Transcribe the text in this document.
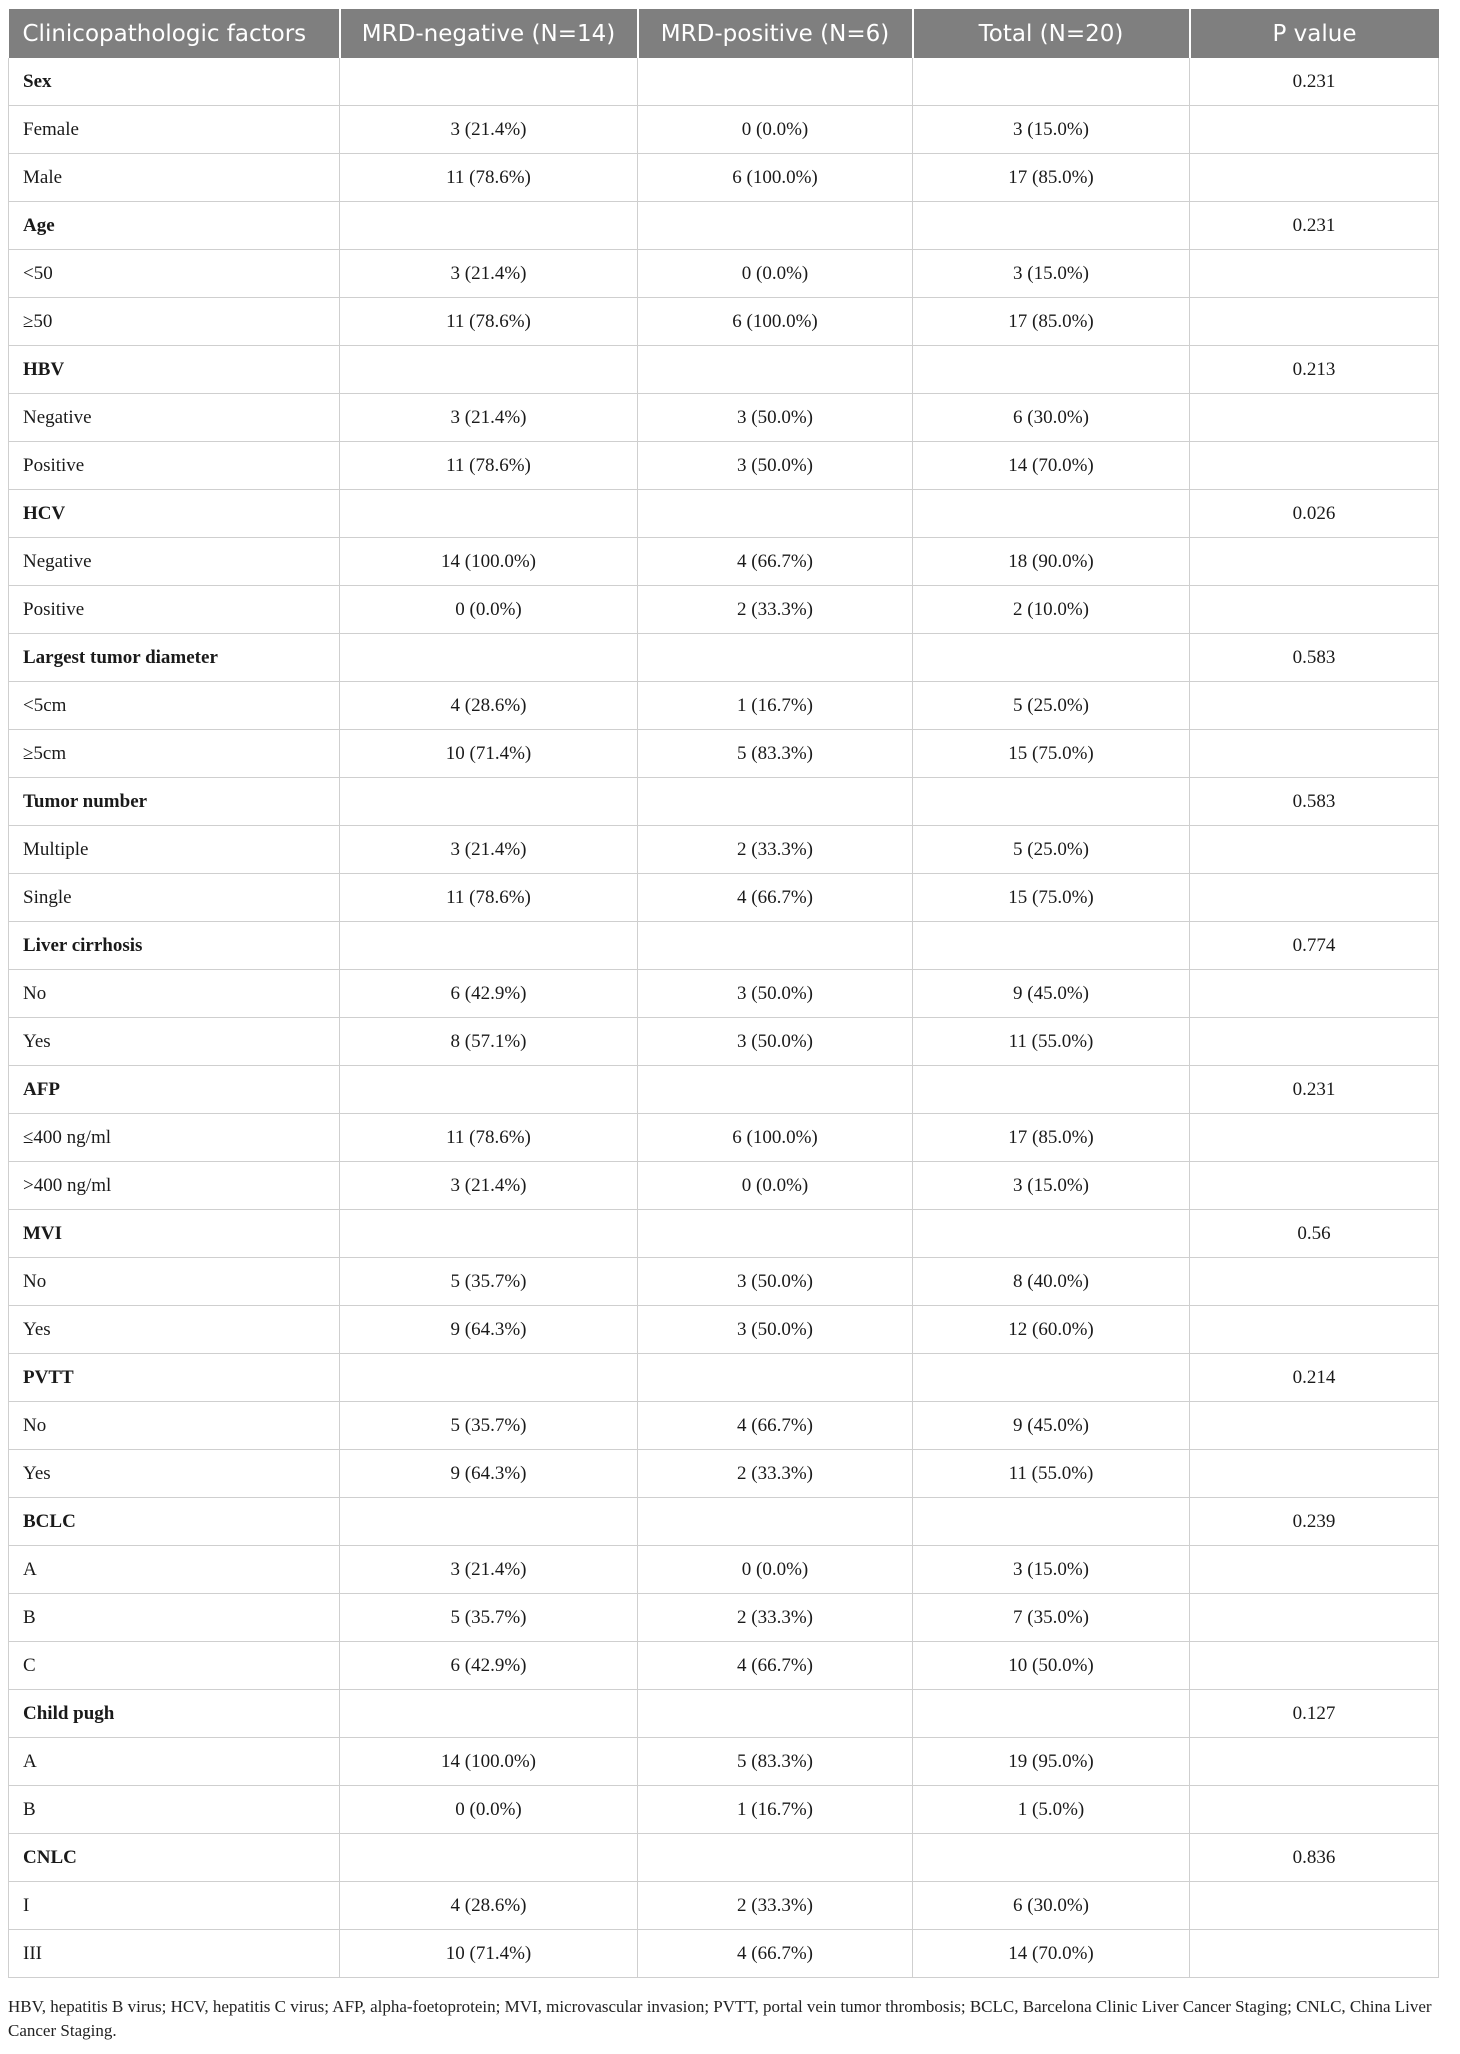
Clinicopathologic factors	MRD-negative (N=14)	MRD-positive (N=6)	Total (N=20)	P value
Sex				0.231
Female	3 (21.4%)	0 (0.0%)	3 (15.0%)	
Male	11 (78.6%)	6 (100.0%)	17 (85.0%)	
Age				0.231
<50	3 (21.4%)	0 (0.0%)	3 (15.0%)	
≥50	11 (78.6%)	6 (100.0%)	17 (85.0%)	
HBV				0.213
Negative	3 (21.4%)	3 (50.0%)	6 (30.0%)	
Positive	11 (78.6%)	3 (50.0%)	14 (70.0%)	
HCV				0.026
Negative	14 (100.0%)	4 (66.7%)	18 (90.0%)	
Positive	0 (0.0%)	2 (33.3%)	2 (10.0%)	
Largest tumor diameter				0.583
<5cm	4 (28.6%)	1 (16.7%)	5 (25.0%)	
≥5cm	10 (71.4%)	5 (83.3%)	15 (75.0%)	
Tumor number				0.583
Multiple	3 (21.4%)	2 (33.3%)	5 (25.0%)	
Single	11 (78.6%)	4 (66.7%)	15 (75.0%)	
Liver cirrhosis				0.774
No	6 (42.9%)	3 (50.0%)	9 (45.0%)	
Yes	8 (57.1%)	3 (50.0%)	11 (55.0%)	
AFP				0.231
≤400 ng/ml	11 (78.6%)	6 (100.0%)	17 (85.0%)	
>400 ng/ml	3 (21.4%)	0 (0.0%)	3 (15.0%)	
MVI				0.56
No	5 (35.7%)	3 (50.0%)	8 (40.0%)	
Yes	9 (64.3%)	3 (50.0%)	12 (60.0%)	
PVTT				0.214
No	5 (35.7%)	4 (66.7%)	9 (45.0%)	
Yes	9 (64.3%)	2 (33.3%)	11 (55.0%)	
BCLC				0.239
A	3 (21.4%)	0 (0.0%)	3 (15.0%)	
B	5 (35.7%)	2 (33.3%)	7 (35.0%)	
C	6 (42.9%)	4 (66.7%)	10 (50.0%)	
Child pugh				0.127
A	14 (100.0%)	5 (83.3%)	19 (95.0%)	
B	0 (0.0%)	1 (16.7%)	1 (5.0%)	
CNLC				0.836
I	4 (28.6%)	2 (33.3%)	6 (30.0%)	
III	10 (71.4%)	4 (66.7%)	14 (70.0%)	
HBV, hepatitis B virus; HCV, hepatitis C virus; AFP, alpha-foetoprotein; MVI, microvascular invasion; PVTT, portal vein tumor thrombosis; BCLC, Barcelona Clinic Liver Cancer Staging; CNLC, China Liver Cancer Staging.
